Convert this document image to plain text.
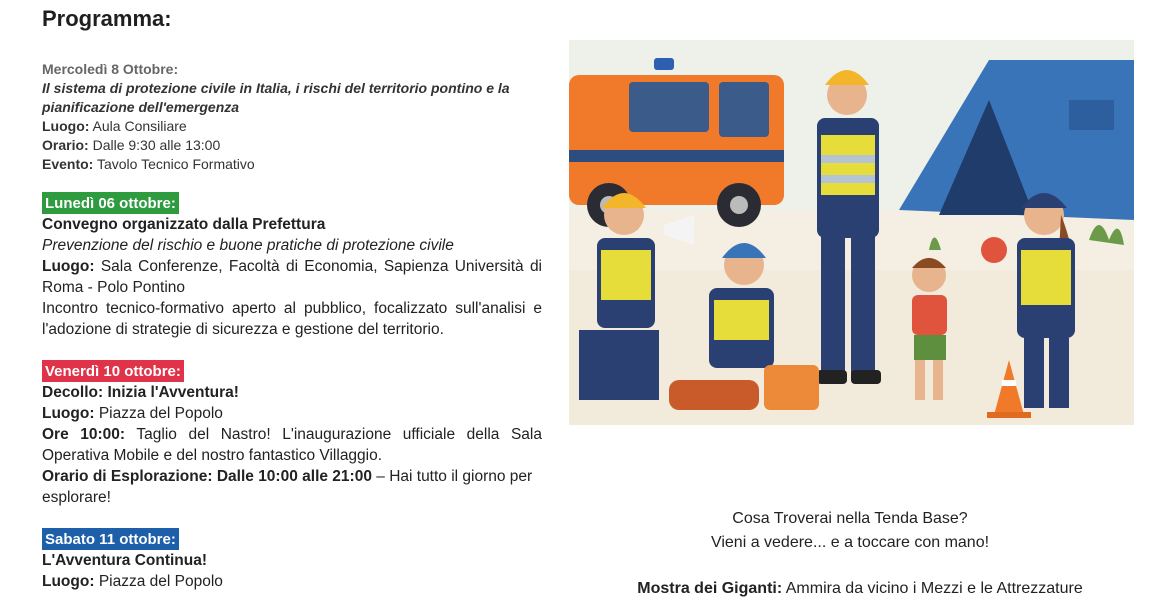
Programma:
Mercoledì 8 Ottobre:
Il sistema di protezione civile in Italia, i rischi del territorio pontino e la pianificazione dell'emergenza
Luogo: Aula Consiliare
Orario: Dalle 9:30 alle 13:00
Evento: Tavolo Tecnico Formativo
Lunedì 06 ottobre:
Convegno organizzato dalla Prefettura
Prevenzione del rischio e buone pratiche di protezione civile
Luogo: Sala Conferenze, Facoltà di Economia, Sapienza Università di Roma - Polo Pontino
Incontro tecnico-formativo aperto al pubblico, focalizzato sull'analisi e l'adozione di strategie di sicurezza e gestione del territorio.
Venerdì 10 ottobre:
Decollo: Inizia l'Avventura!
Luogo: Piazza del Popolo
Ore 10:00: Taglio del Nastro! L'inaugurazione ufficiale della Sala Operativa Mobile e del nostro fantastico Villaggio.
Orario di Esplorazione: Dalle 10:00 alle 21:00 – Hai tutto il giorno per esplorare!
Sabato 11 ottobre:
L'Avventura Continua!
Luogo: Piazza del Popolo
Cosa Troverai nella Tenda Base?
Vieni a vedere... e a toccare con mano!
Mostra dei Giganti: Ammira da vicino i Mezzi e le Attrezzature
